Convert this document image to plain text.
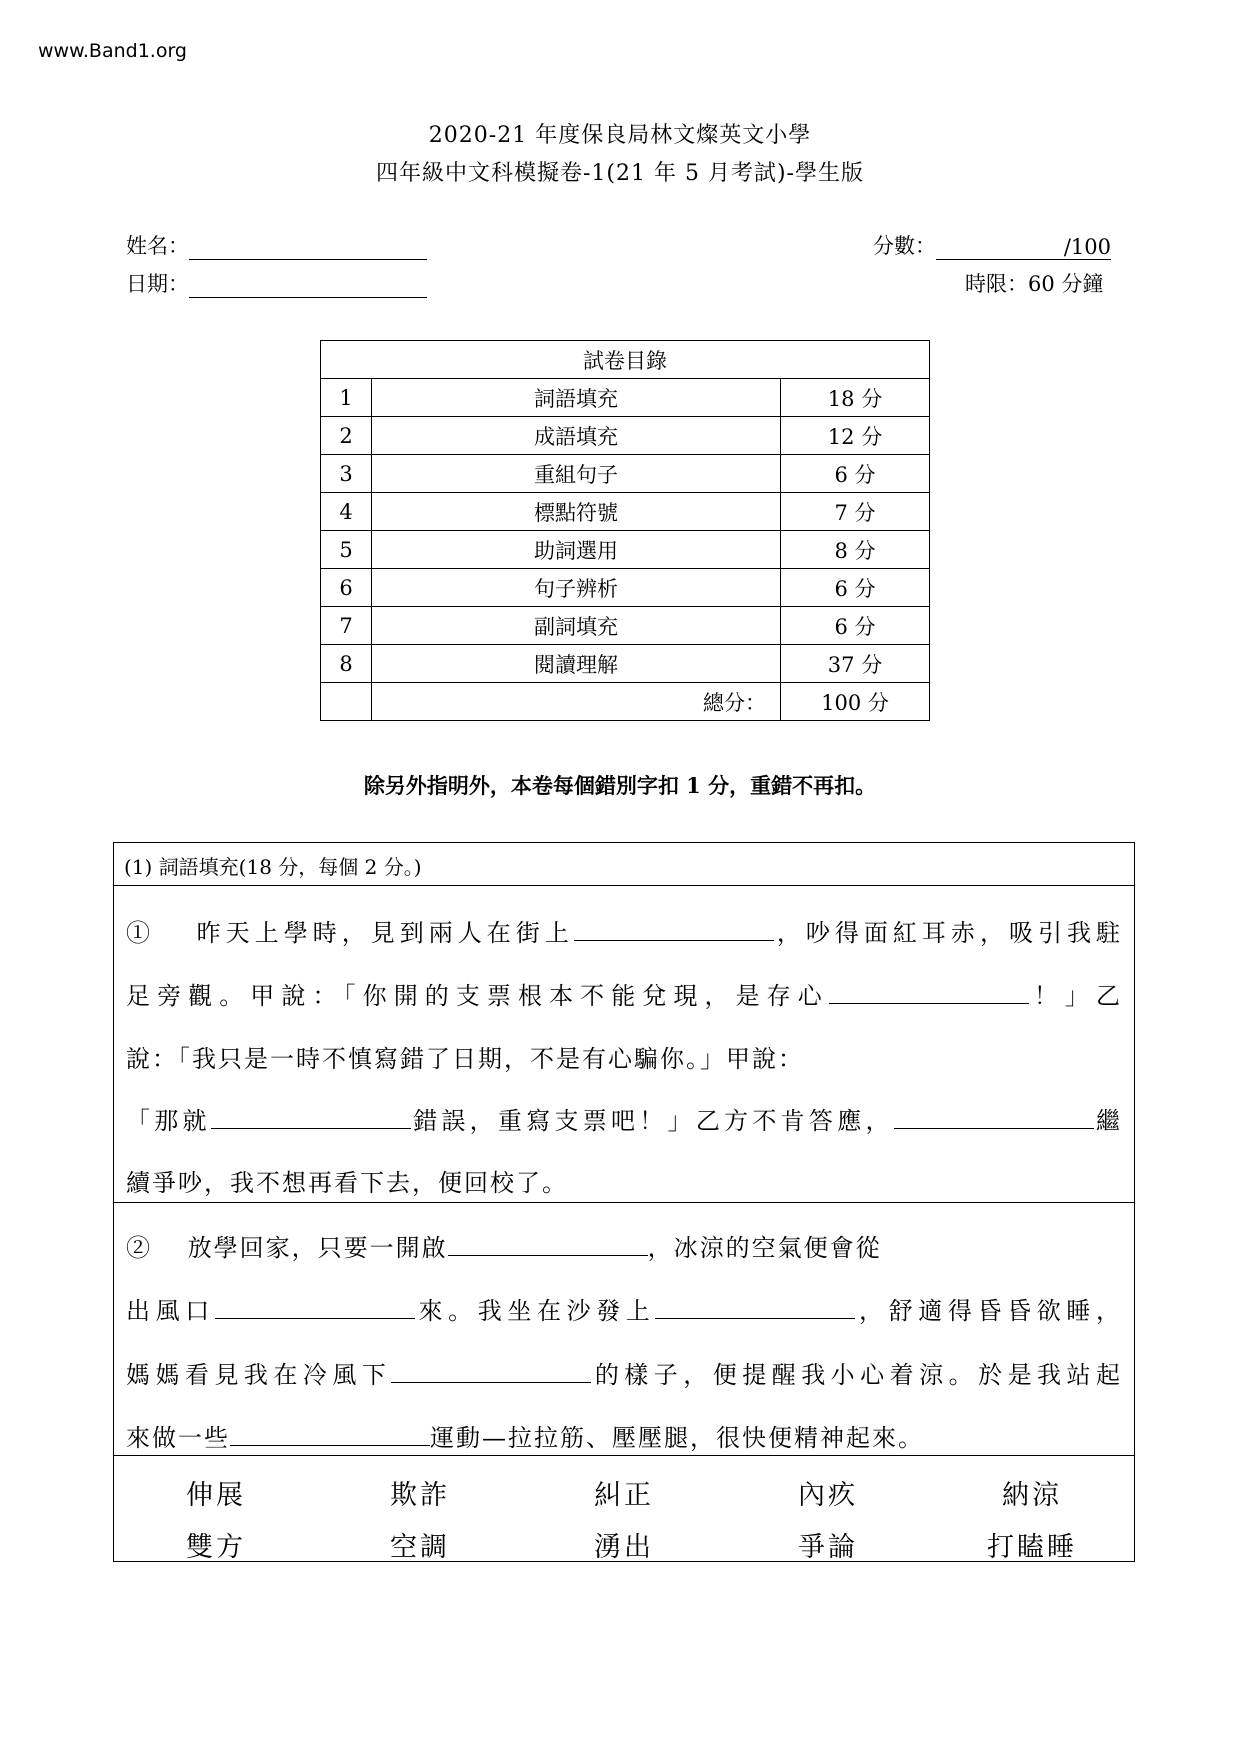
www.Band1.org
2020-21 年度保良局林文燦英文小學
四年級中文科模擬卷-1(21 年 5 月考試)-學生版
姓名：
日期：
分數：	/100
時限：60 分鐘
試卷目錄		
1	詞語填充	18 分
2	成語填充	12 分
3	重組句子	6 分
4	標點符號	7 分
5	助詞選用	8 分
6	句子辨析	6 分
7	副詞填充	6 分
8	閱讀理解	37 分
	總分：	100 分
除另外指明外，本卷每個錯別字扣 1 分，重錯不再扣。
(1) 詞語填充(18 分，每個 2 分。)
伸展	欺詐	糾正	內疚	納涼
雙方	空調	湧出	爭論	打瞌睡
① 　昨天上學時，見到兩人在街上	，吵得面紅耳赤，吸引我駐
足旁觀。甲說：「你開的支票根本不能兌現，是存心	！」乙
說：「我只是一時不慎寫錯了日期，不是有心騙你。」甲說：
「那就	錯誤，重寫支票吧！」乙方不肯答應，	繼
續爭吵，我不想再看下去，便回校了。
② 　放學回家，只要一開啟	，冰涼的空氣便會從
出風口	來。我坐在沙發上	，舒適得昏昏欲睡，
媽媽看見我在冷風下	的樣子，便提醒我小心着涼。於是我站起
來做一些	運動—拉拉筋、壓壓腿，很快便精神起來。
